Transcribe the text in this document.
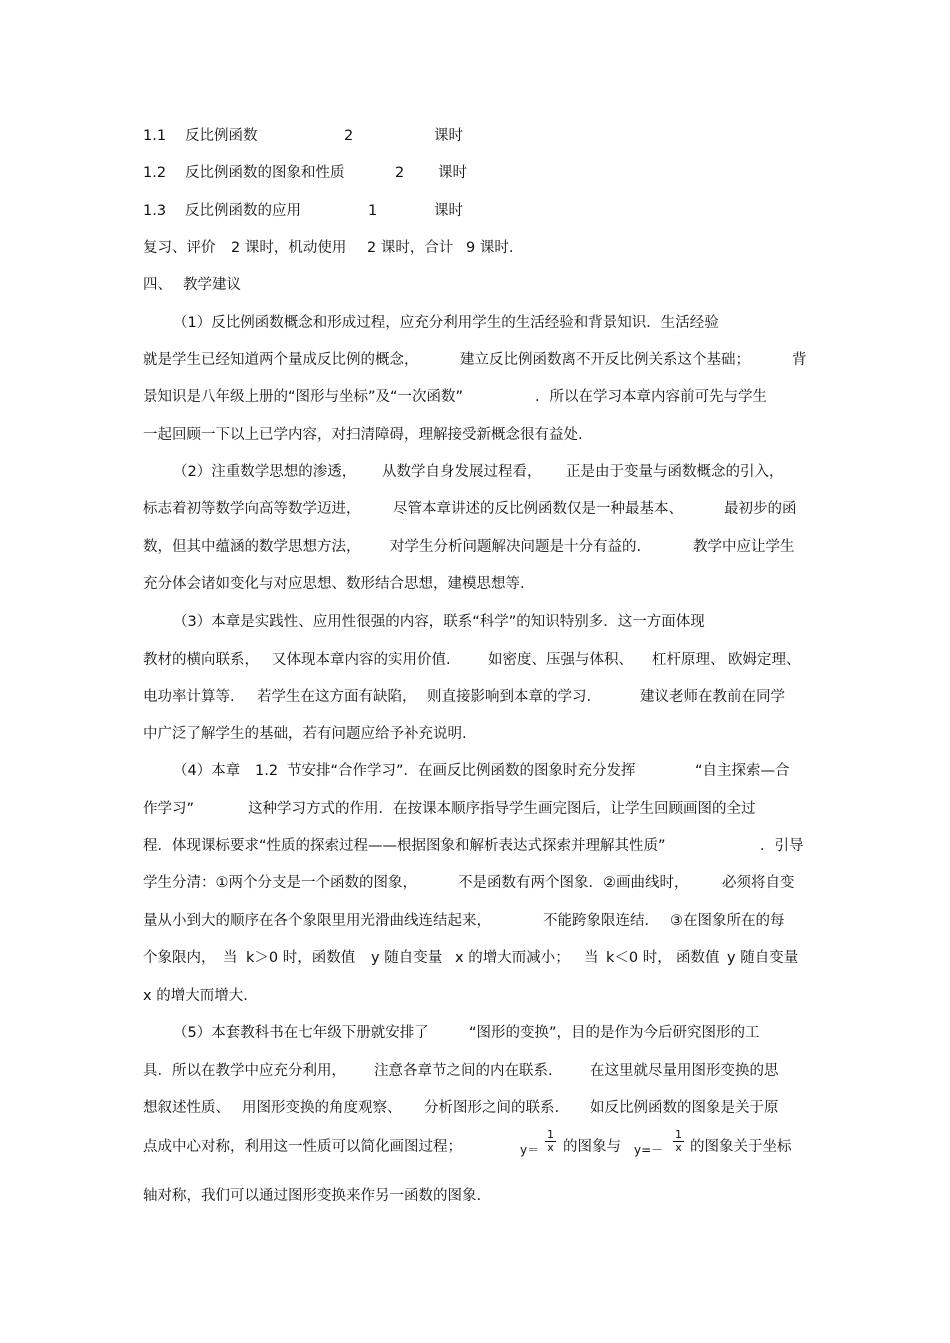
1.1 反比例函数	2	课时
1.2 反比例函数的图象和性质	2 课时
1.3 反比例函数的应用	1	课时
复习、评价 2 课时，机动使用 2 课时，合计 9 课时.
四、 教学建议
（1）反比例函数概念和形成过程，应充分利用学生的生活经验和背景知识．生活经验
就是学生已经知道两个量成反比例的概念，	建立反比例函数离不开反比例关系这个基础；	背
景知识是八年级上册的“图形与坐标”及“一次函数”	．所以在学习本章内容前可先与学生
一起回顾一下以上已学内容，对扫清障碍，理解接受新概念很有益处.
（2）注重数学思想的渗透， 从数学自身发展过程看， 正是由于变量与函数概念的引入，
标志着初等数学向高等数学迈进， 尽管本章讲述的反比例函数仅是一种最基本、	最初步的函
数，但其中蕴涵的数学思想方法， 对学生分析问题解决问题是十分有益的.	教学中应让学生
充分体会诸如变化与对应思想、数形结合思想，建模思想等.
（3）本章是实践性、应用性很强的内容，联系“科学”的知识特别多．这一方面体现
教材的横向联系， 又体现本章内容的实用价值.	如密度、压强与体积、 杠杆原理、 欧姆定理、
电功率计算等. 若学生在这方面有缺陷， 则直接影响到本章的学习.	建议老师在教前在同学
中广泛了解学生的基础，若有问题应给予补充说明.
（4）本章 1.2 节安排“合作学习”．在画反比例函数的图象时充分发挥	“自主探索—合
作学习”	这种学习方式的作用．在按课本顺序指导学生画完图后，让学生回顾画图的全过
程．体现课标要求“性质的探索过程——根据图象和解析表达式探索并理解其性质”	．引导
学生分清：①两个分支是一个函数的图象，	不是函数有两个图象．②画曲线时， 必须将自变
量从小到大的顺序在各个象限里用光滑曲线连结起来，	不能跨象限连结． ③在图象所在的每
个象限内， 当 k＞0 时，函数值 y 随自变量 x 的增大而减小； 当 k＜0 时， 函数值 y 随自变量
x 的增大而增大.
（5）本套教科书在七年级下册就安排了	“图形的变换”，目的是作为今后研究图形的工
具．所以在教学中应充分利用， 注意各章节之间的内在联系.	在这里就尽量用图形变换的思
想叙述性质、 用图形变换的角度观察、 分析图形之间的联系. 如反比例函数的图象是关于原
点成中心对称，利用这一性质可以简化画图过程；	$y= \frac{1}{x}$ 的图象与 $y=- \frac{1}{x}$ 的图象关于坐标
轴对称，我们可以通过图形变换来作另一函数的图象.
